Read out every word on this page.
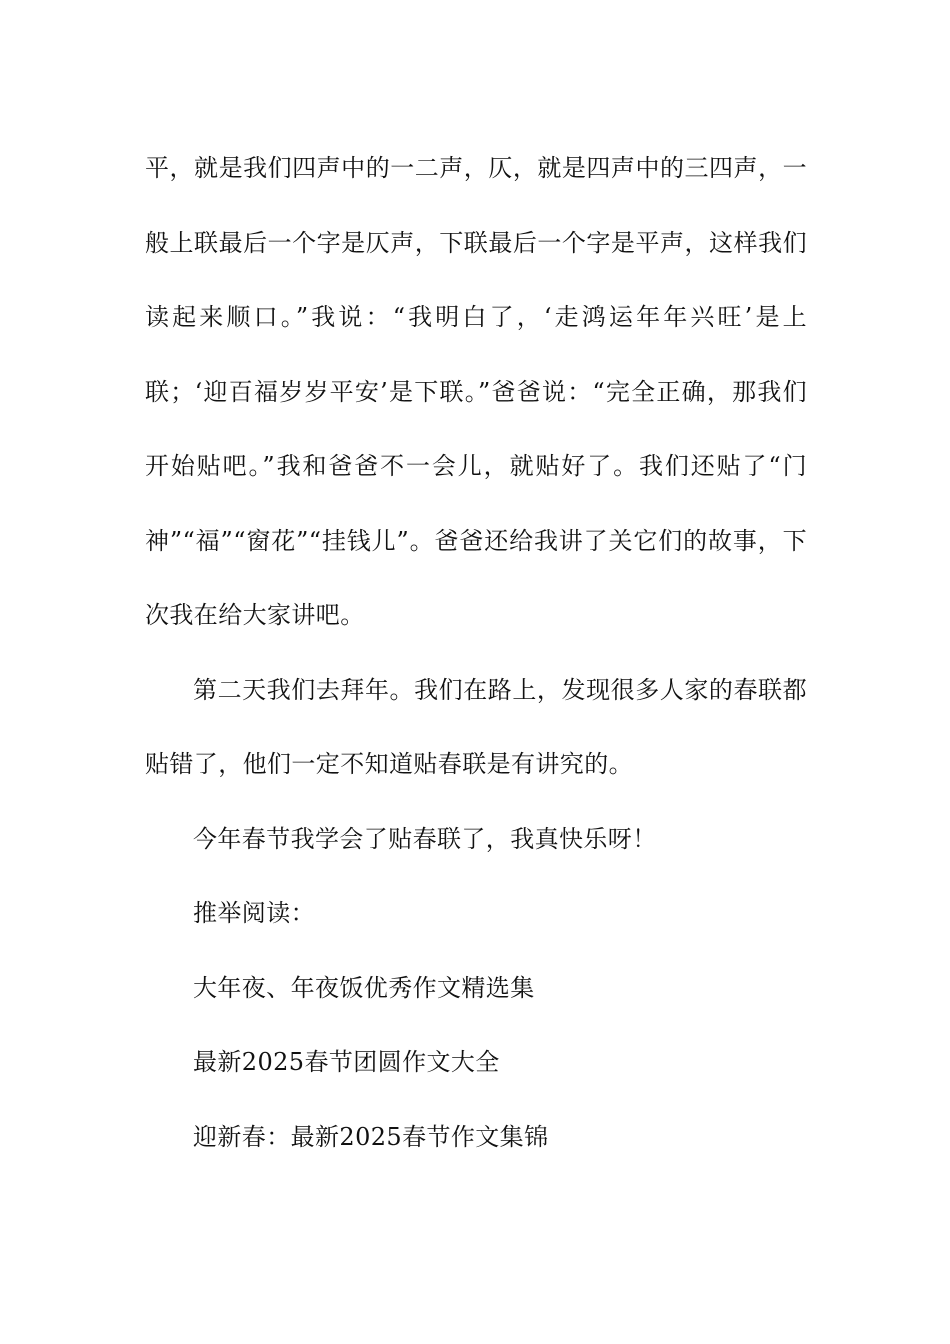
平，就是我们四声中的一二声，仄，就是四声中的三四声，一般上联最后一个字是仄声，下联最后一个字是平声，这样我们读起来顺口。”我说：“我明白了，‘走鸿运年年兴旺’是上联；‘迎百福岁岁平安’是下联。”爸爸说：“完全正确，那我们开始贴吧。”我和爸爸不一会儿，就贴好了。我们还贴了“门神”“福”“窗花”“挂钱儿”。爸爸还给我讲了关它们的故事，下次我在给大家讲吧。

第二天我们去拜年。我们在路上，发现很多人家的春联都贴错了，他们一定不知道贴春联是有讲究的。

今年春节我学会了贴春联了，我真快乐呀！

推举阅读：

大年夜、年夜饭优秀作文精选集

最新2025春节团圆作文大全

迎新春：最新2025春节作文集锦
